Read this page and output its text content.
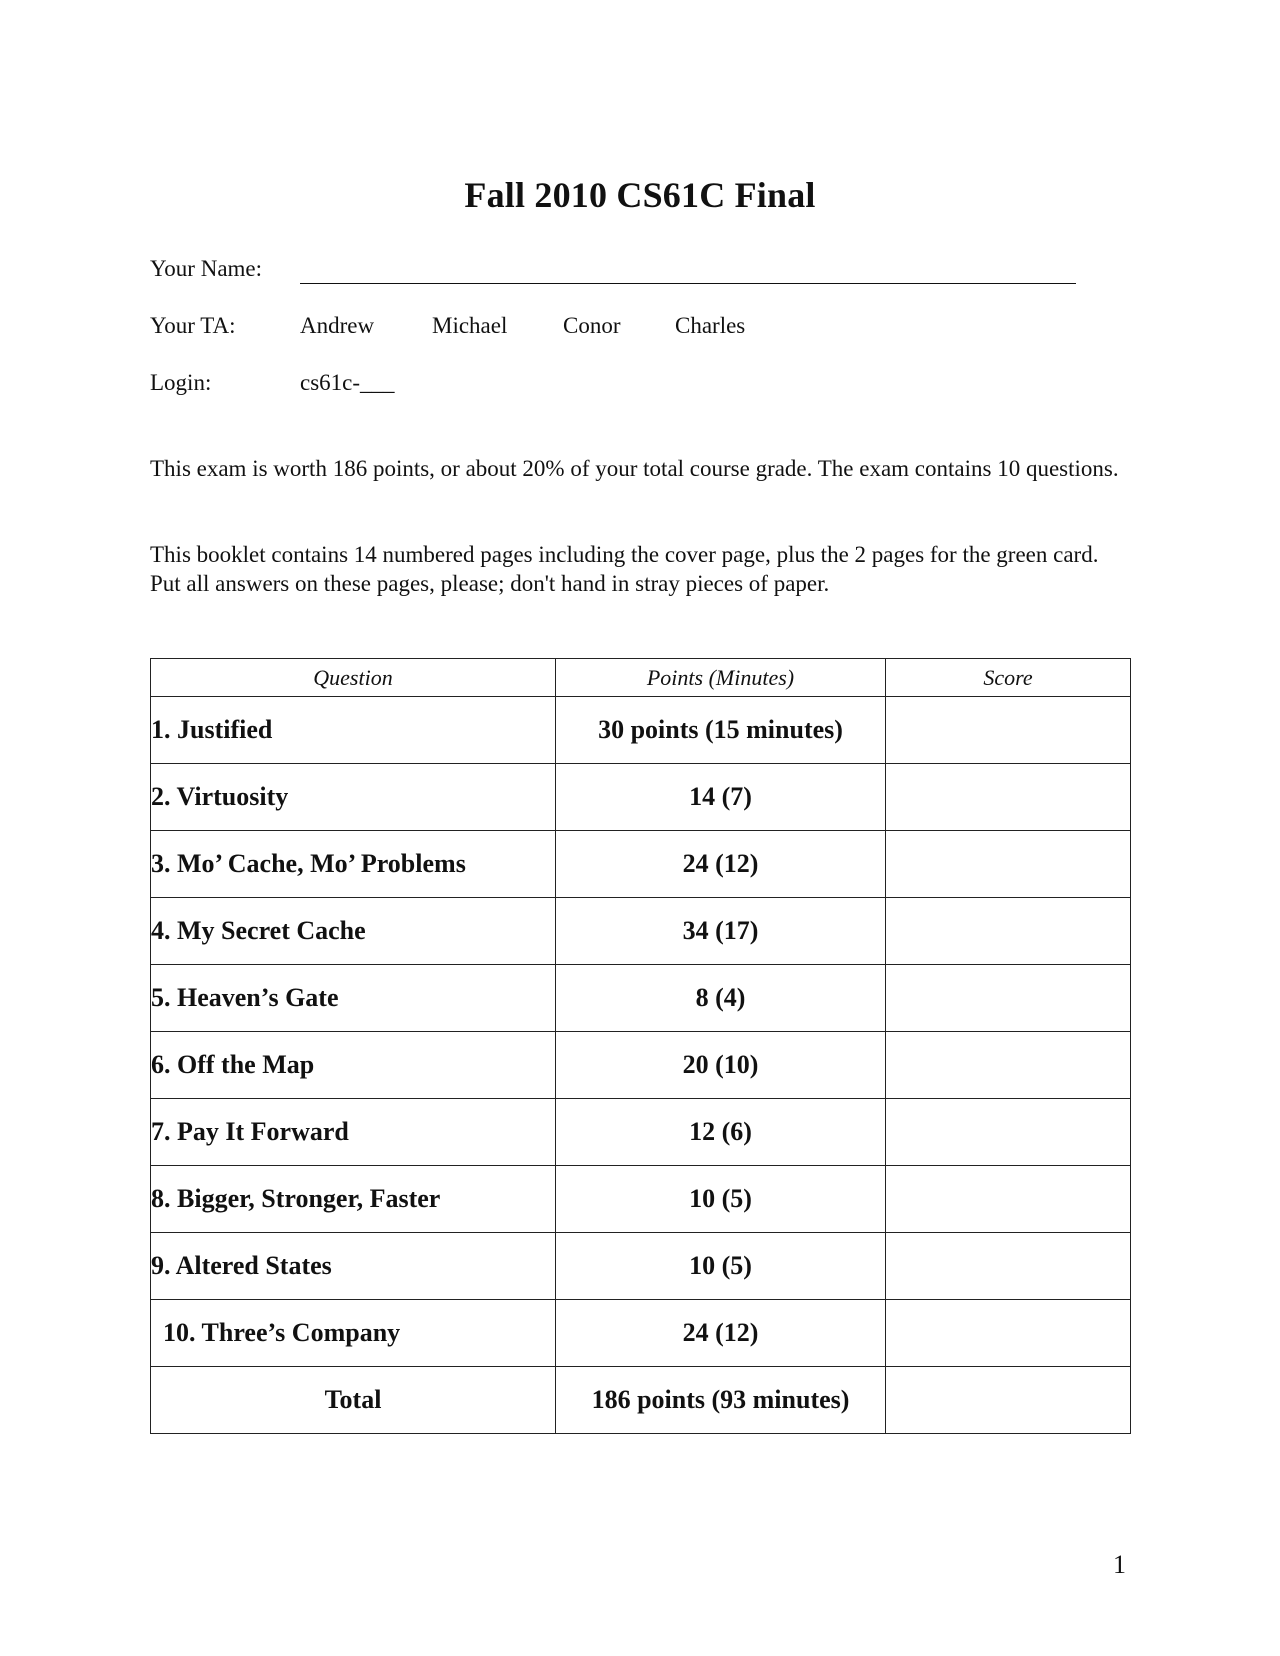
Fall 2010 CS61C Final
Your Name:
Your TA:	Andrew	Michael Conor Charles
Login:	cs61c-___

This exam is worth 186 points, or about 20% of your total course grade. The exam contains 10 questions.

This booklet contains 14 numbered pages including the cover page, plus the 2 pages for the green card. Put all answers on these pages, please; don't hand in stray pieces of paper.

Question	Points (Minutes)	Score
1. Justified	30 points (15 minutes)	
2. Virtuosity	14 (7)	
3. Mo’ Cache, Mo’ Problems	24 (12)	
4. My Secret Cache	34 (17)	
5. Heaven’s Gate	8 (4)	
6. Off the Map	20 (10)	
7. Pay It Forward	12 (6)	
8. Bigger, Stronger, Faster	10 (5)	
9. Altered States	10 (5)	
10. Three’s Company	24 (12)	
Total	186 points (93 minutes)	
1
